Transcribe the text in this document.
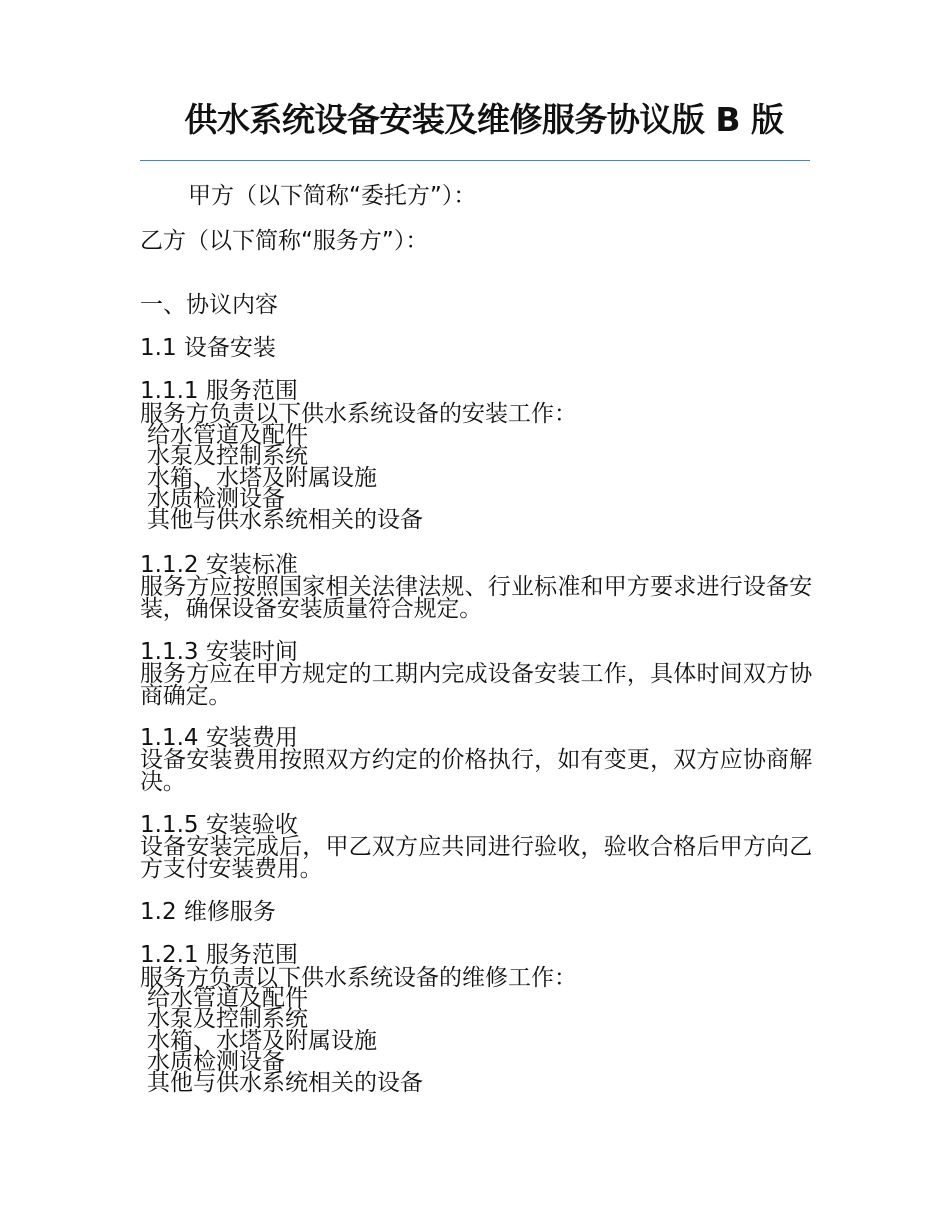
供水系统设备安装及维修服务协议版 B 版

甲方（以下简称“委托方”）：

乙方（以下简称“服务方”）：

一、协议内容

1.1 设备安装

1.1.1 服务范围

服务方负责以下供水系统设备的安装工作：

给水管道及配件
水泵及控制系统
水箱、水塔及附属设施
水质检测设备
其他与供水系统相关的设备

1.1.2 安装标准

服务方应按照国家相关法律法规、行业标准和甲方要求进行设备安装，确保设备安装质量符合规定。

1.1.3 安装时间

服务方应在甲方规定的工期内完成设备安装工作，具体时间双方协商确定。

1.1.4 安装费用

设备安装费用按照双方约定的价格执行，如有变更，双方应协商解决。

1.1.5 安装验收

设备安装完成后，甲乙双方应共同进行验收，验收合格后甲方向乙方支付安装费用。

1.2 维修服务

1.2.1 服务范围

服务方负责以下供水系统设备的维修工作：

给水管道及配件
水泵及控制系统
水箱、水塔及附属设施
水质检测设备
其他与供水系统相关的设备
